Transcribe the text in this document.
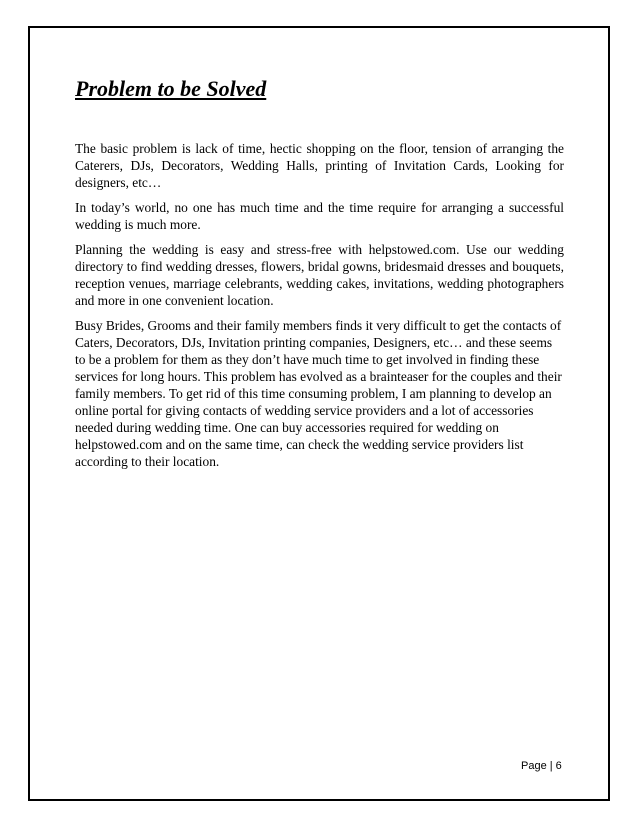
Problem to be Solved

The basic problem is lack of time, hectic shopping on the floor, tension of arranging the Caterers, DJs, Decorators, Wedding Halls, printing of Invitation Cards, Looking for designers, etc…

In today’s world, no one has much time and the time require for arranging a successful wedding is much more.

Planning the wedding is easy and stress-free with helpstowed.com. Use our wedding directory to find wedding dresses, flowers, bridal gowns, bridesmaid dresses and bouquets, reception venues, marriage celebrants, wedding cakes, invitations, wedding photographers and more in one convenient location.

Busy Brides, Grooms and their family members finds it very difficult to get the contacts of Caters, Decorators, DJs, Invitation printing companies, Designers, etc… and these seems to be a problem for them as they don’t have much time to get involved in finding these services for long hours. This problem has evolved as a brainteaser for the couples and their family members. To get rid of this time consuming problem, I am planning to develop an online portal for giving contacts of wedding service providers and a lot of accessories needed during wedding time. One can buy accessories required for wedding on helpstowed.com and on the same time, can check the wedding service providers list according to their location.

Page | 6
